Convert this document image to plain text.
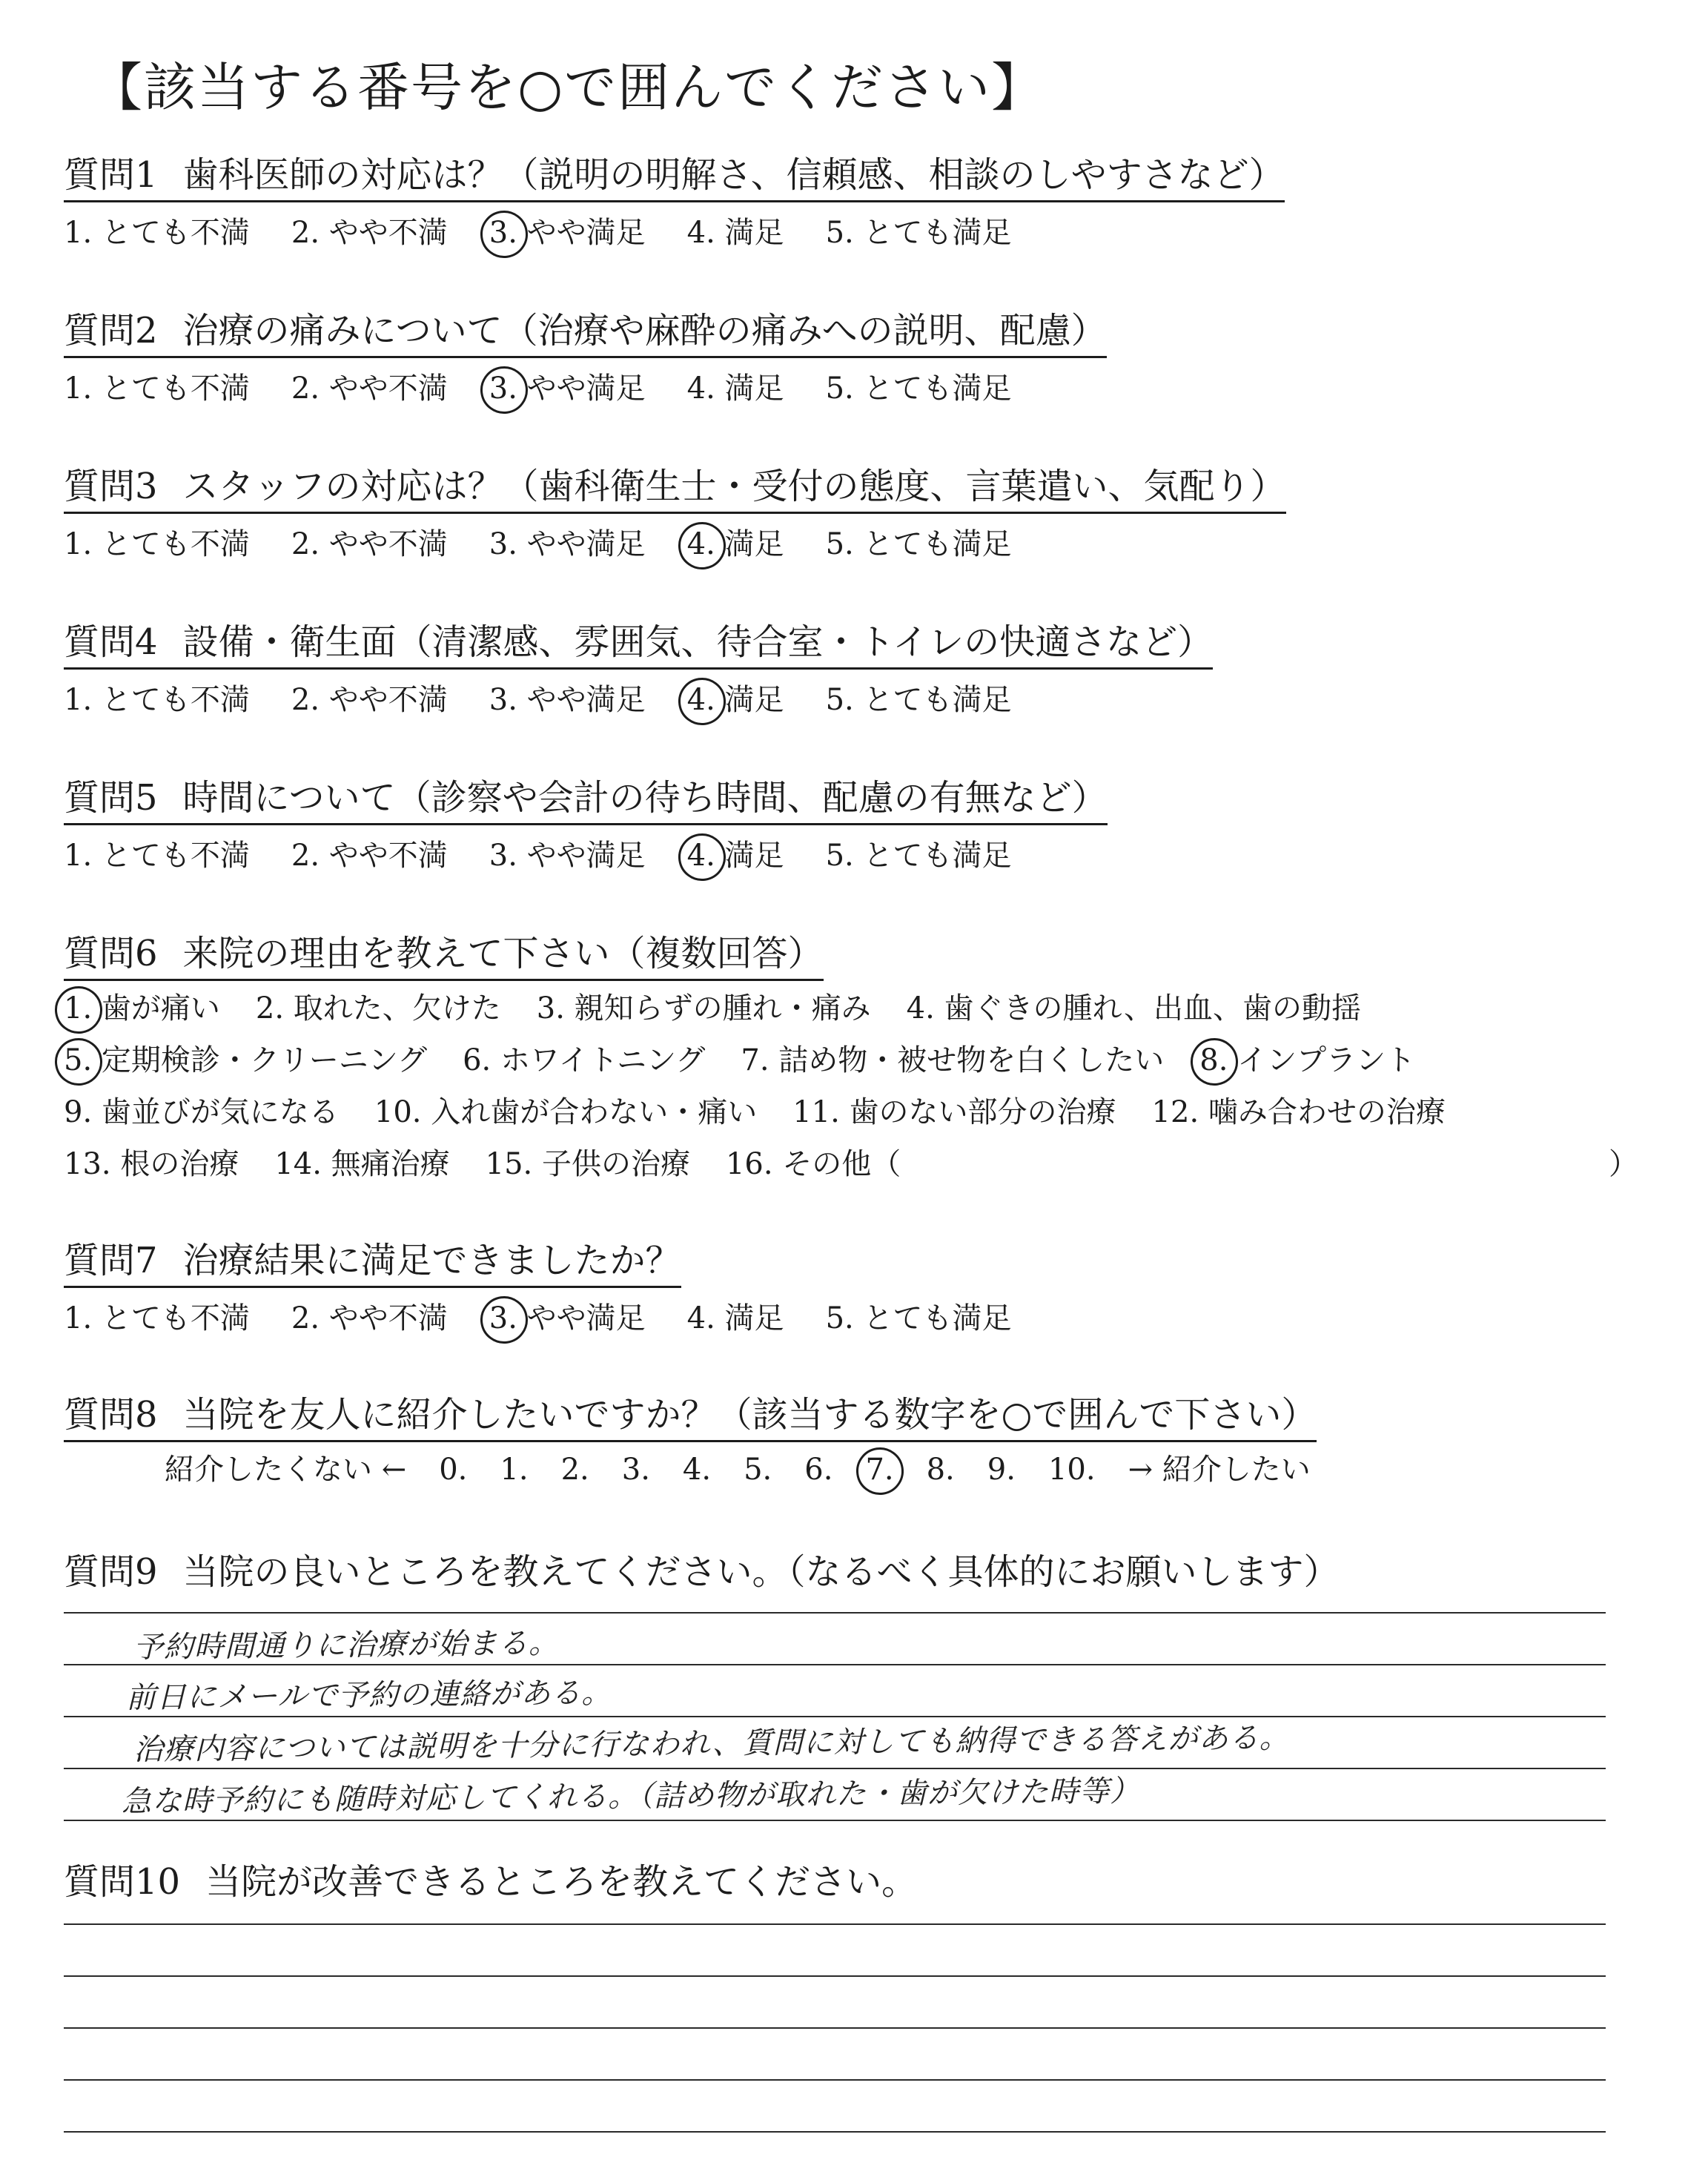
【該当する番号を○で囲んでください】
質問1 歯科医師の対応は？（説明の明解さ、信頼感、相談のしやすさなど）
1. とても不満 2. やや不満 3. やや満足 4. 満足 5. とても満足
質問2 治療の痛みについて（治療や麻酔の痛みへの説明、配慮）
1. とても不満 2. やや不満 3. やや満足 4. 満足 5. とても満足
質問3 スタッフの対応は？（歯科衛生士・受付の態度、言葉遣い、気配り）
1. とても不満 2. やや不満 3. やや満足 4. 満足 5. とても満足
質問4 設備・衛生面（清潔感、雰囲気、待合室・トイレの快適さなど）
1. とても不満 2. やや不満 3. やや満足 4. 満足 5. とても満足
質問5 時間について（診察や会計の待ち時間、配慮の有無など）
1. とても不満 2. やや不満 3. やや満足 4. 満足 5. とても満足
質問6 来院の理由を教えて下さい（複数回答）
1. 歯が痛い 2. 取れた、欠けた 3. 親知らずの腫れ・痛み 4. 歯ぐきの腫れ、出血、歯の動揺
5. 定期検診・クリーニング 6. ホワイトニング 7. 詰め物・被せ物を白くしたい 8. インプラント
9. 歯並びが気になる 10. 入れ歯が合わない・痛い 11. 歯のない部分の治療 12. 噛み合わせの治療
13. 根の治療 14. 無痛治療 15. 子供の治療 16. その他（	）
質問7 治療結果に満足できましたか？
1. とても不満 2. やや不満 3. やや満足 4. 満足 5. とても満足
質問8 当院を友人に紹介したいですか？（該当する数字を○で囲んで下さい）
紹介したくない ← 0. 1. 2. 3. 4. 5. 6. 7. 8. 9. 10. → 紹介したい
質問9 当院の良いところを教えてください。（なるべく具体的にお願いします）
予約時間通りに治療が始まる。
前日にメールで予約の連絡がある。
治療内容については説明を十分に行なわれ、質問に対しても納得できる答えがある。
急な時予約にも随時対応してくれる。（詰め物が取れた・歯が欠けた時等）
質問10 当院が改善できるところを教えてください。
